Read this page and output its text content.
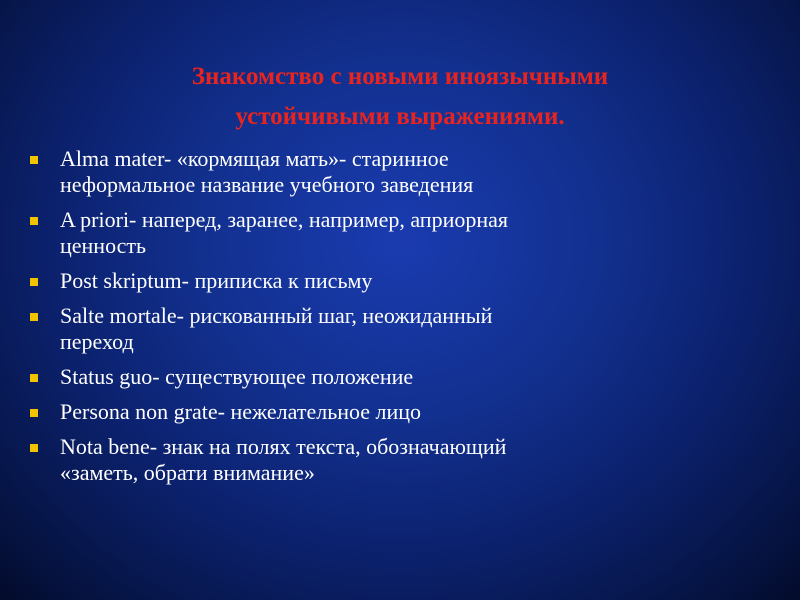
Знакомство с новыми иноязычными
устойчивыми выражениями.
Alma mater- «кормящая мать»- старинное
неформальное название учебного заведения
A priori- наперед, заранее, например, априорная
ценность
Post skriptum- приписка к письму
Salte mortale- рискованный шаг, неожиданный
переход
Status guo- существующее положение
Persona non grate- нежелательное лицо
Nota bene- знак на полях текста, обозначающий
«заметь, обрати внимание»
